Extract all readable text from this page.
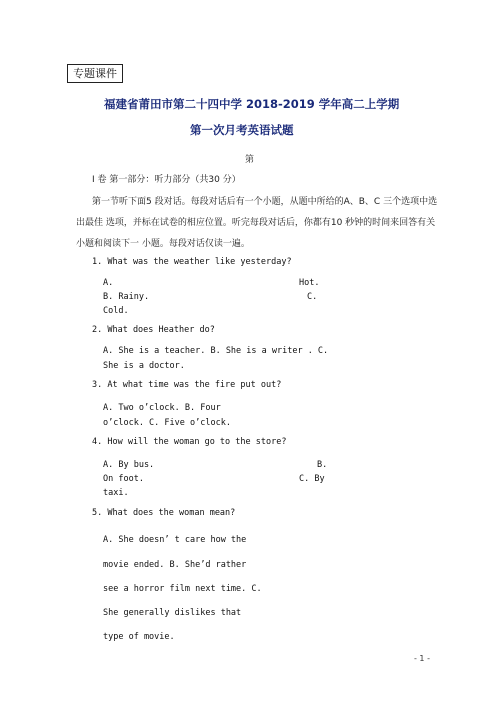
专题课件
福建省莆田市第二十四中学 2018-2019 学年高二上学期
第一次月考英语试题
第
I 卷 第一部分：听力部分（共30 分）
第一节听下面5 段对话。每段对话后有一个小题，从题中所给的A、B、C 三个选项中选
出最佳 选项，并标在试卷的相应位置。听完每段对话后，你都有10 秒钟的时间来回答有关
小题和阅读下一 小题。每段对话仅读一遍。
1. What was the weather like yesterday?
A.	Hot.
B. Rainy.	C.
Cold.
2. What does Heather do?
A. She is a teacher. B. She is a writer . C.
She is a doctor.
3. At what time was the fire put out?
A. Two o’clock. B. Four
o’clock. C. Five o’clock.
4. How will the woman go to the store?
A. By bus.	B.
On foot.	C. By
taxi.
5. What does the woman mean?
A. She doesn’ t care how the
movie ended. B. She’d rather
see a horror film next time. C.
She generally dislikes that
type of movie.
- 1 -
